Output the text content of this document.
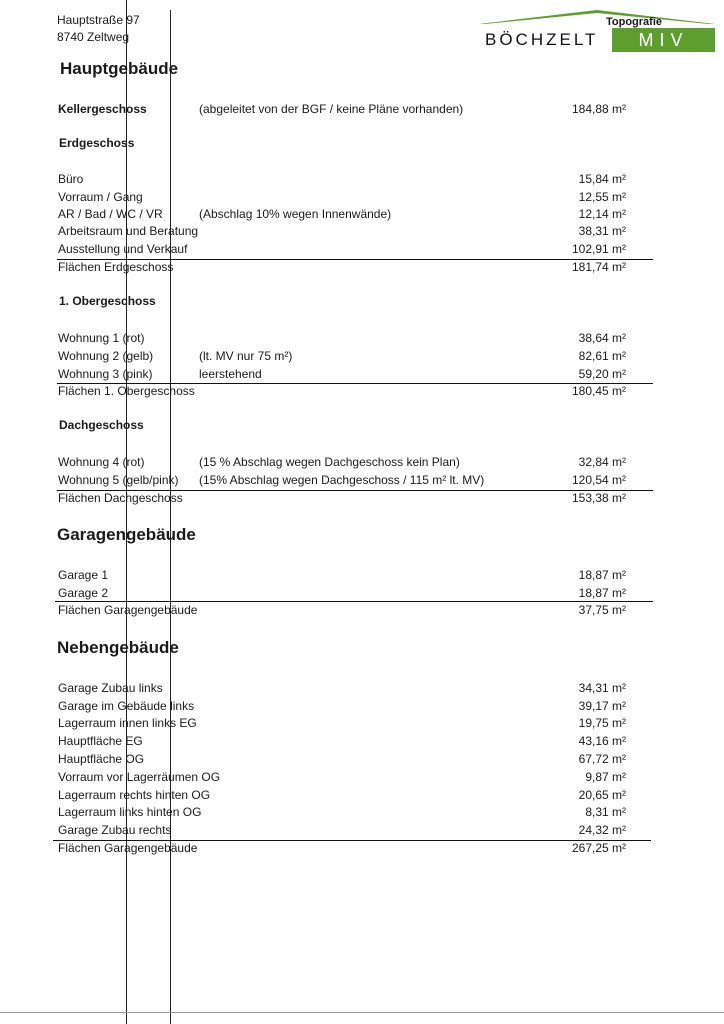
Hauptstraße 97
8740 Zeltweg
Topografie
BÖCHZELT	MIV
Hauptgebäude
Kellergeschoss	(abgeleitet von der BGF / keine Pläne vorhanden)	184,88 m²
Erdgeschoss
Büro	15,84 m²
Vorraum / Gang	12,55 m²
AR / Bad / WC / VR	(Abschlag 10% wegen Innenwände)	12,14 m²
Arbeitsraum und Beratung	38,31 m²
Ausstellung und Verkauf	102,91 m²
Flächen Erdgeschoss	181,74 m²
1. Obergeschoss
Wohnung 1 (rot)	38,64 m²
Wohnung 2 (gelb)	(lt. MV nur 75 m²)	82,61 m²
Wohnung 3 (pink)	leerstehend	59,20 m²
Flächen 1. Obergeschoss	180,45 m²
Dachgeschoss
Wohnung 4 (rot)	(15 % Abschlag wegen Dachgeschoss kein Plan)	32,84 m²
Wohnung 5 (gelb/pink) (15% Abschlag wegen Dachgeschoss / 115 m² lt. MV)	120,54 m²
Flächen Dachgeschoss	153,38 m²
Garagengebäude
Garage 1	18,87 m²
Garage 2	18,87 m²
Flächen Garagengebäude	37,75 m²
Nebengebäude
Garage Zubau links	34,31 m²
Garage im Gebäude links	39,17 m²
Lagerraum innen links EG	19,75 m²
Hauptfläche EG	43,16 m²
Hauptfläche OG	67,72 m²
Vorraum vor Lagerräumen OG	9,87 m²
Lagerraum rechts hinten OG	20,65 m²
Lagerraum links hinten OG	8,31 m²
Garage Zubau rechts	24,32 m²
Flächen Garagengebäude	267,25 m²
